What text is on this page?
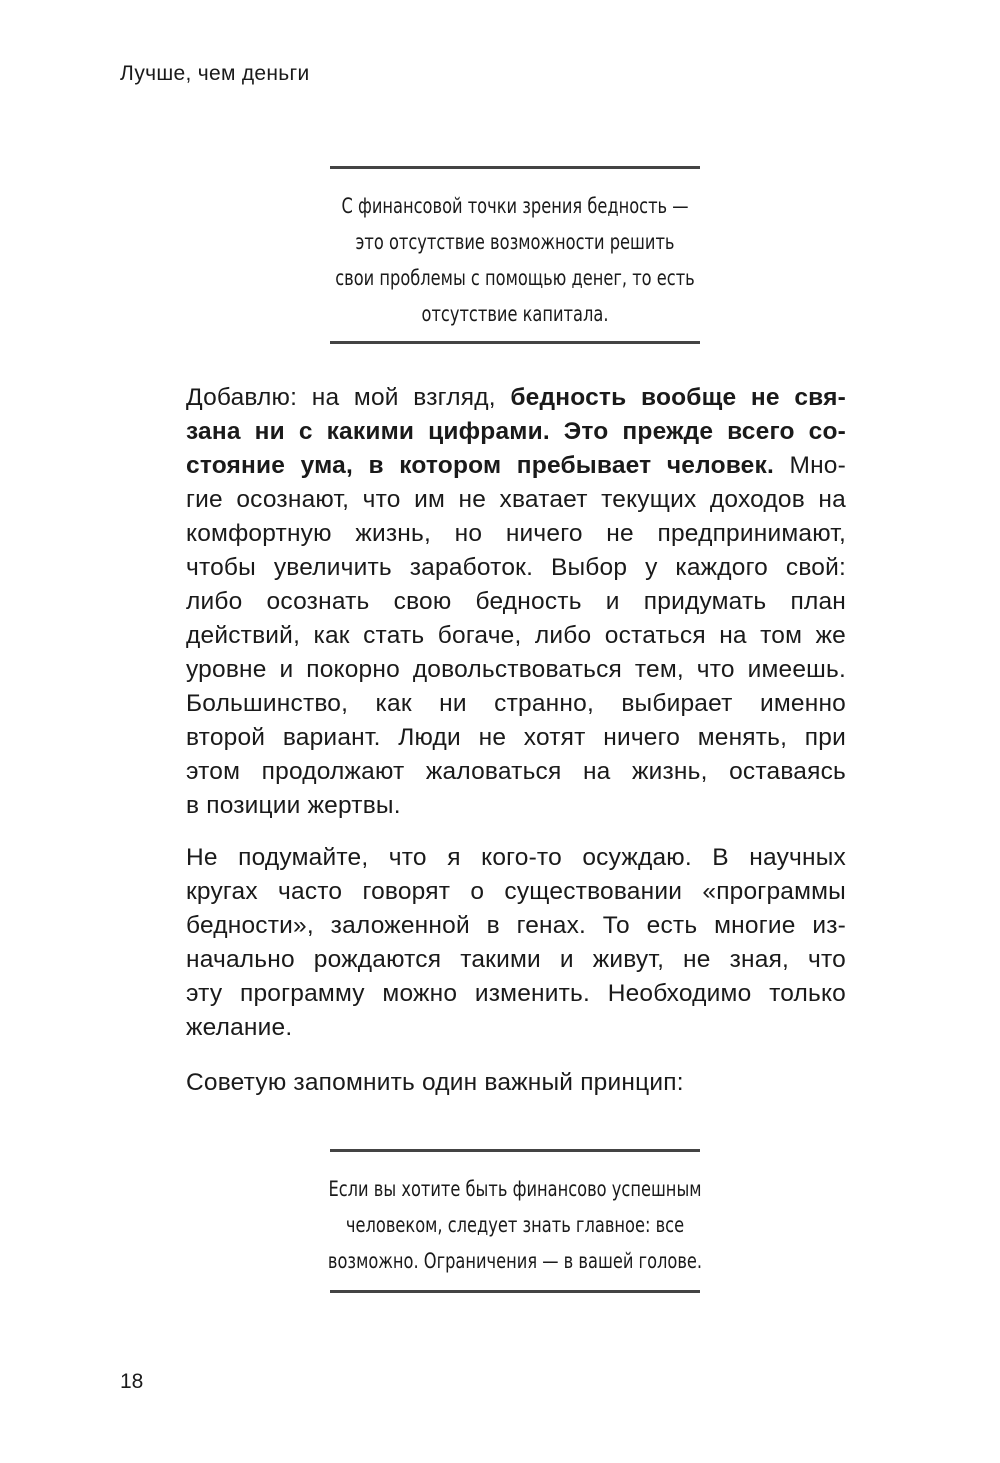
Лучше, чем деньги
С финансовой точки зрения бедность —
это отсутствие возможности решить
свои проблемы с помощью денег, то есть
отсутствие капитала.
Добавлю: на мой взгляд, бедность вообще не свя-
зана ни с какими цифрами. Это прежде всего со-
стояние ума, в котором пребывает человек. Мно-
гие осознают, что им не хватает текущих доходов на
комфортную жизнь, но ничего не предпринимают,
чтобы увеличить заработок. Выбор у каждого свой:
либо осознать свою бедность и придумать план
действий, как стать богаче, либо остаться на том же
уровне и покорно довольствоваться тем, что имеешь.
Большинство, как ни странно, выбирает именно
второй вариант. Люди не хотят ничего менять, при
этом продолжают жаловаться на жизнь, оставаясь
в позиции жертвы.
Не подумайте, что я кого-то осуждаю. В научных
кругах часто говорят о существовании «программы
бедности», заложенной в генах. То есть многие из-
начально рождаются такими и живут, не зная, что
эту программу можно изменить. Необходимо только
желание.
Советую запомнить один важный принцип:
Если вы хотите быть финансово успешным
человеком, следует знать главное: все
возможно. Ограничения — в вашей голове.
18
